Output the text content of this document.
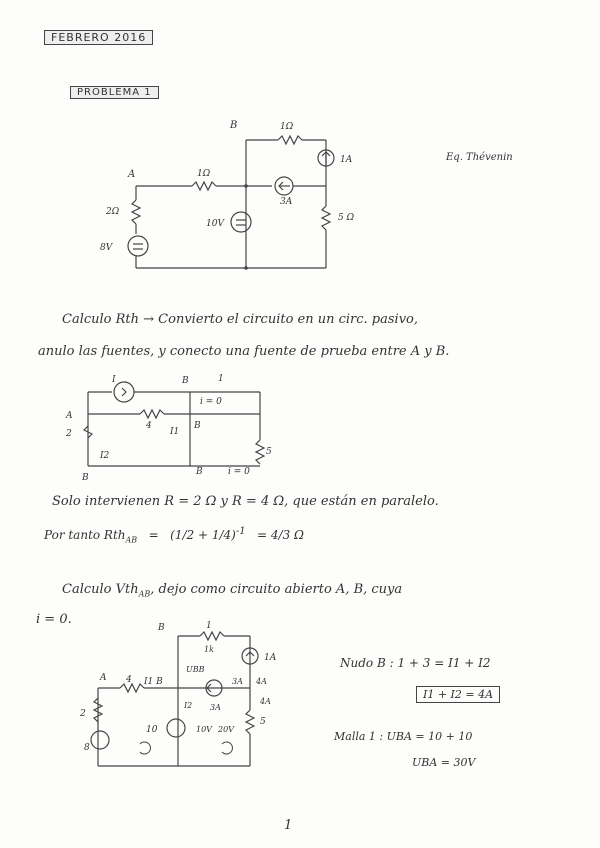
FEBRERO 2016
PROBLEMA 1
A
B	1Ω
1Ω
2Ω
5 Ω
1A
3A
10V
8V
Eq. Thévenin
Calculo Rth → Convierto el circuito en un circ. pasivo,
anulo las fuentes, y conecto una fuente de prueba entre A y B.
I	B	1
i = 0
A
2
4
I1
B
I2	5
B
B	i = 0
Solo intervienen R = 2 Ω y R = 4 Ω, que están en paralelo.
Por tanto $Rth_{AB} = (1/2 + 1/4)^{-1} = 4/3$ Ω
Calculo Vth$_{AB}$, dejo como circuito abierto A, B, cuya
i = 0.
B	1
1k
1A
UBB
A 4 I1 B	3A 4A
4A
3A
2
10
I2
10V 20V
5
8
Nudo B : 1 + 3 = I1 + I2
I1 + I2 = 4A
Malla 1 : UBA = 10 + 10
UBA = 30V
1
